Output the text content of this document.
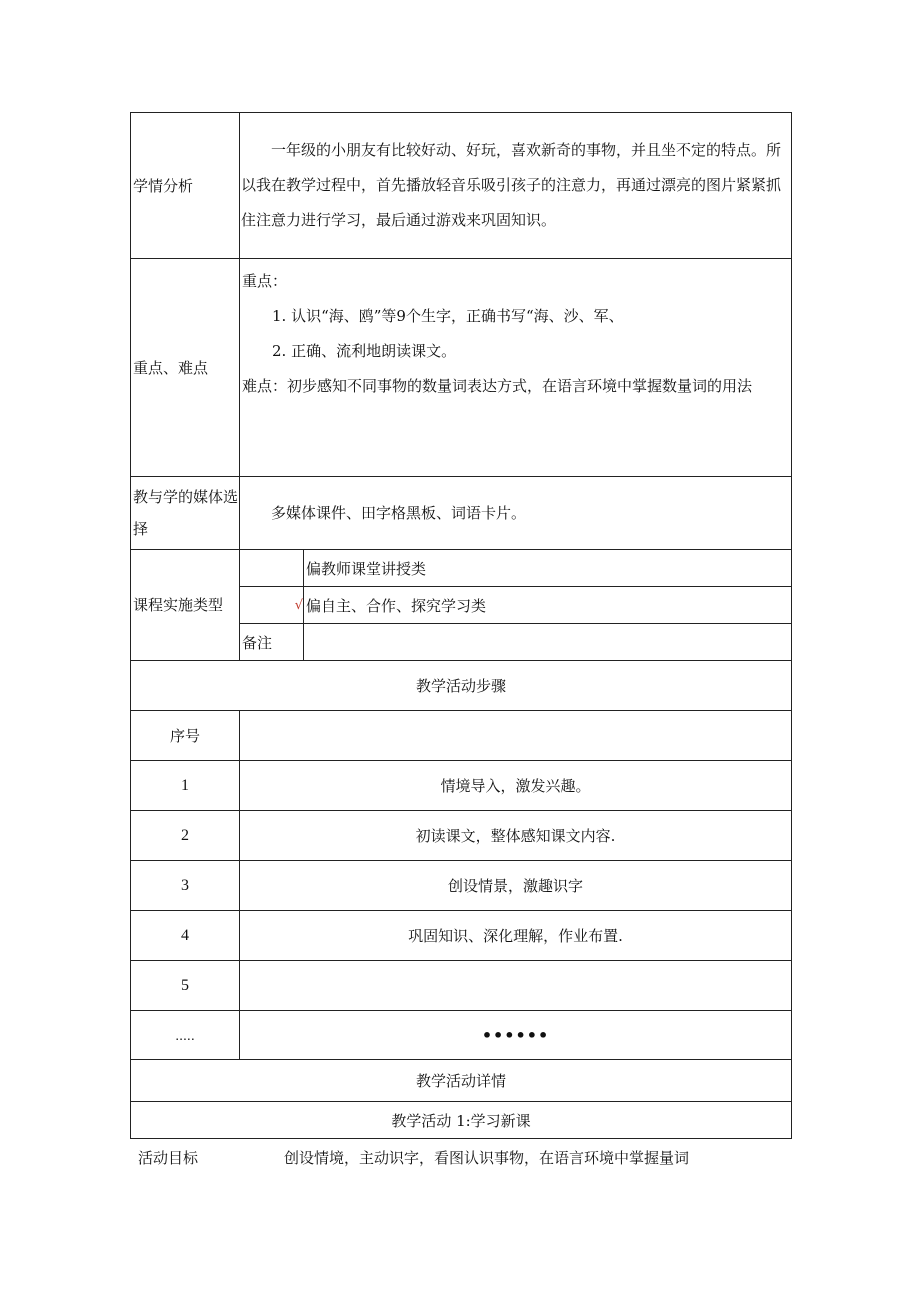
学情分析	一年级的小朋友有比较好动、好玩，喜欢新奇的事物，并且坐不定的特点。所以我在教学过程中，首先播放轻音乐吸引孩子的注意力，再通过漂亮的图片紧紧抓住注意力进行学习，最后通过游戏来巩固知识。	

重点、难点	重点：

1. 认识“海、鸥”等9个生字，正确书写“海、沙、军、

2. 正确、流利地朗读课文。

难点：初步感知不同事物的数量词表达方式，在语言环境中掌握数量词的用法	

教与学的媒体选择	多媒体课件、田字格黑板、词语卡片。	

课程实施类型		偏教师课堂讲授类
	√	偏自主、合作、探究学习类
	备注	
教学活动步骤		
序号		
1	情境导入，激发兴趣。	
2	初读课文，整体感知课文内容.	
3	创设情景，激趣识字	
4	巩固知识、深化理解，作业布置.	
5		
.....	••••••	
教学活动详情		
教学活动 1:学习新课		
活动目标	创设情境，主动识字，看图认识事物，在语言环境中掌握量词
